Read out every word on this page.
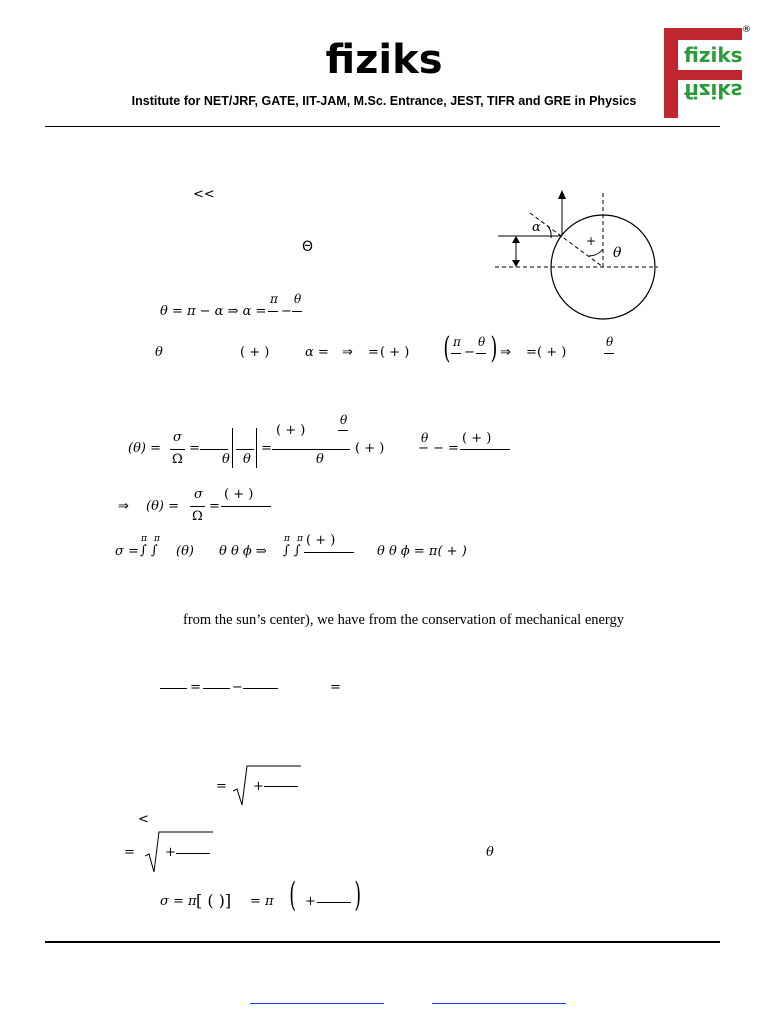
fiziks
Institute for NET/JRF, GATE, IIT-JAM, M.Sc. Entrance, JEST, TIFR and GRE in Physics
fiziks
fiziks
®
α
+
θ
<<
Θ
θ = π − α ⇒ α =
π
−
θ
θ	( + )	α = ⇒ = ( + ) ( π
−
θ ) ⇒ = ( + )
θ
(θ) =
σ
Ω
=
θ θ
=
( + )
θ
θ
( + )
θ
− − =
( + )
⇒ (θ) =
σ
Ω
=
( + )
σ =
π π
∫ ∫ (θ) θ θ ϕ ⇒
π π
∫ ∫
( + )
θ θ ϕ = π( + )
from the sun’s center), we have from the conservation of mechanical energy
= −	=
= +
<
= +	θ
σ = π [ ( )] = π ( + )
